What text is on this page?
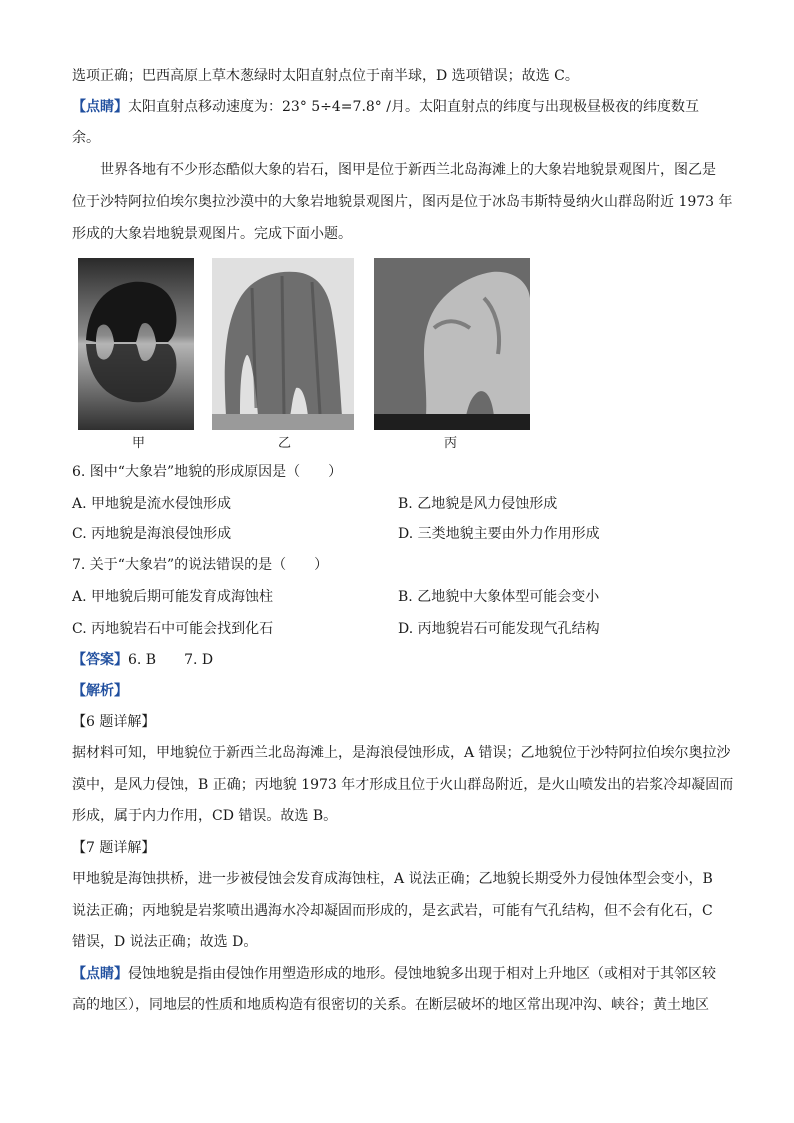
选项正确；巴西高原上草木葱绿时太阳直射点位于南半球，D 选项错误；故选 C。
【点睛】太阳直射点移动速度为：23° 5÷4=7.8° /月。太阳直射点的纬度与出现极昼极夜的纬度数互
余。
世界各地有不少形态酷似大象的岩石，图甲是位于新西兰北岛海滩上的大象岩地貌景观图片，图乙是
位于沙特阿拉伯埃尔奥拉沙漠中的大象岩地貌景观图片，图丙是位于冰岛韦斯特曼纳火山群岛附近 1973 年
形成的大象岩地貌景观图片。完成下面小题。
甲	乙	丙
6. 图中“大象岩”地貌的形成原因是（　　）
A. 甲地貌是流水侵蚀形成	B. 乙地貌是风力侵蚀形成
C. 丙地貌是海浪侵蚀形成	D. 三类地貌主要由外力作用形成
7. 关于“大象岩”的说法错误的是（　　）
A. 甲地貌后期可能发育成海蚀柱	B. 乙地貌中大象体型可能会变小
C. 丙地貌岩石中可能会找到化石	D. 丙地貌岩石可能发现气孔结构
【答案】6. B　　7. D
【解析】
【6 题详解】
据材料可知，甲地貌位于新西兰北岛海滩上，是海浪侵蚀形成，A 错误；乙地貌位于沙特阿拉伯埃尔奥拉沙
漠中，是风力侵蚀，B 正确；丙地貌 1973 年才形成且位于火山群岛附近，是火山喷发出的岩浆冷却凝固而
形成，属于内力作用，CD 错误。故选 B。
【7 题详解】
甲地貌是海蚀拱桥，进一步被侵蚀会发育成海蚀柱，A 说法正确；乙地貌长期受外力侵蚀体型会变小，B
说法正确；丙地貌是岩浆喷出遇海水冷却凝固而形成的，是玄武岩，可能有气孔结构，但不会有化石，C
错误，D 说法正确；故选 D。
【点睛】侵蚀地貌是指由侵蚀作用塑造形成的地形。侵蚀地貌多出现于相对上升地区（或相对于其邻区较
高的地区），同地层的性质和地质构造有很密切的关系。在断层破坏的地区常出现冲沟、峡谷；黄土地区
